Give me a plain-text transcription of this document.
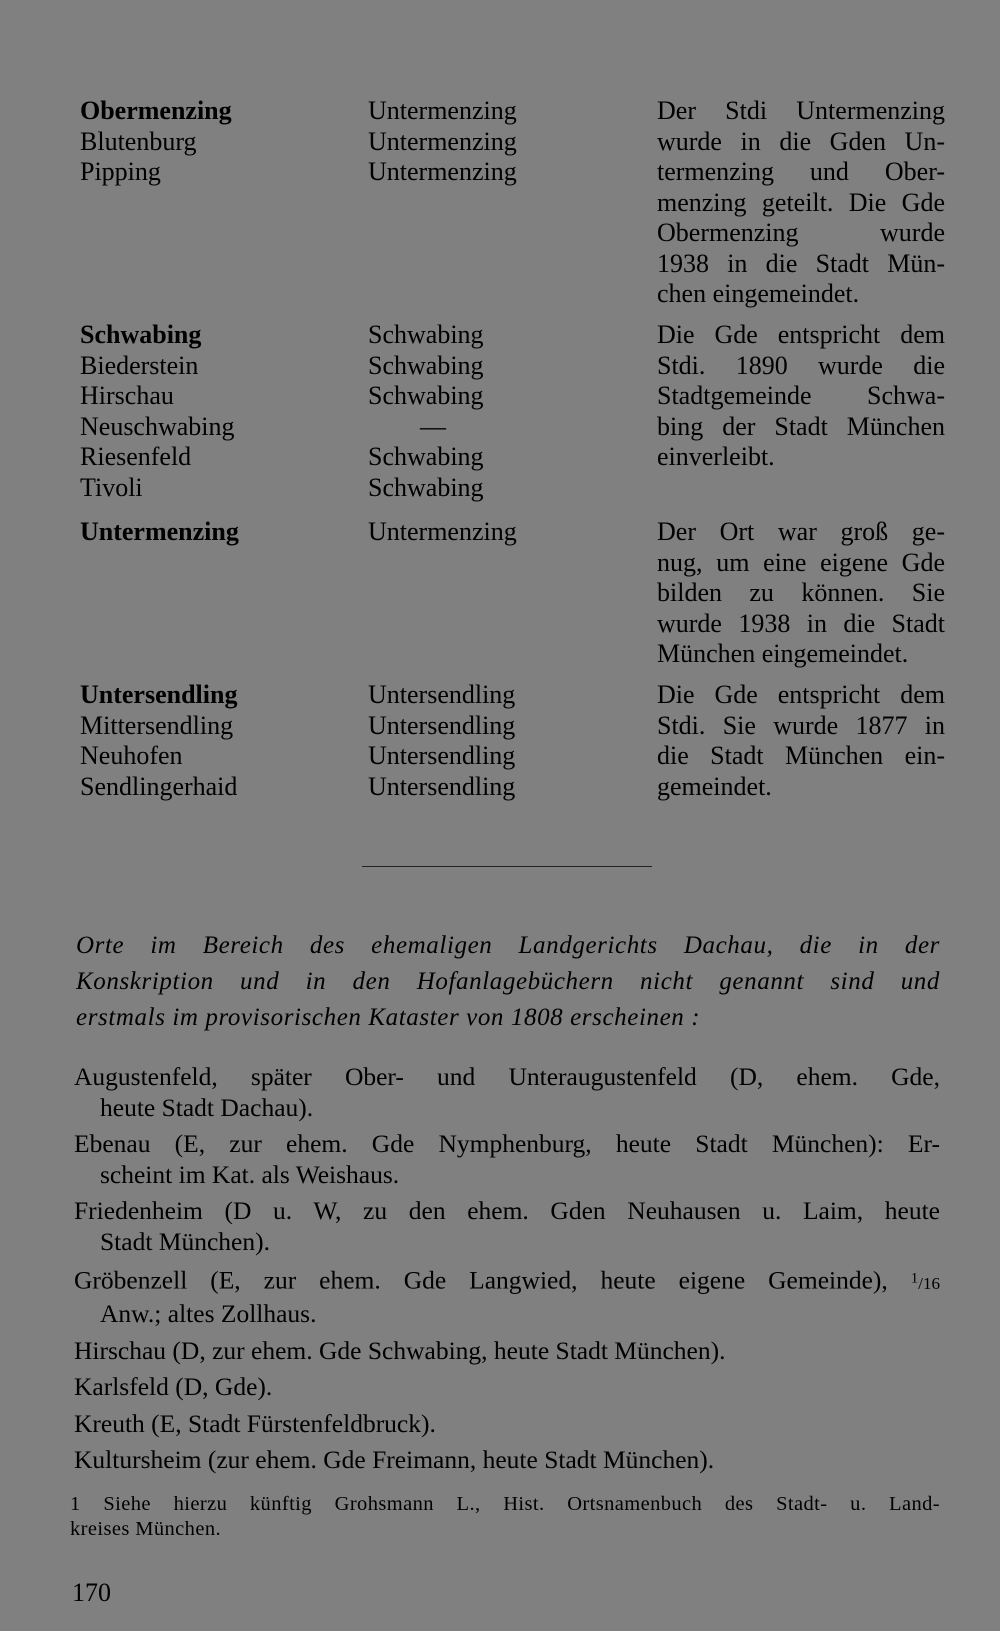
Obermenzing
Blutenburg
Pipping
Untermenzing
Untermenzing
Untermenzing
Der Stdi Untermenzing
wurde in die Gden Un-
termenzing und Ober-
menzing geteilt. Die Gde
Obermenzing wurde
1938 in die Stadt Mün-
chen eingemeindet.
Schwabing
Biederstein
Hirschau
Neuschwabing
Riesenfeld
Tivoli
Schwabing
Schwabing
Schwabing
—
Schwabing
Schwabing
Die Gde entspricht dem
Stdi. 1890 wurde die
Stadtgemeinde Schwa-
bing der Stadt München
einverleibt.
Untermenzing	Untermenzing	Der Ort war groß ge-
nug, um eine eigene Gde
bilden zu können. Sie
wurde 1938 in die Stadt
München eingemeindet.
Untersendling
Mittersendling
Neuhofen
Sendlingerhaid
Untersendling
Untersendling
Untersendling
Untersendling
Die Gde entspricht dem
Stdi. Sie wurde 1877 in
die Stadt München ein-
gemeindet.
Orte im Bereich des ehemaligen Landgerichts Dachau, die in der
Konskription und in den Hofanlagebüchern nicht genannt sind und
erstmals im provisorischen Kataster von 1808 erscheinen :
Augustenfeld, später Ober- und Unteraugustenfeld (D, ehem. Gde,
heute Stadt Dachau).
Ebenau (E, zur ehem. Gde Nymphenburg, heute Stadt München): Er-
scheint im Kat. als Weishaus.
Friedenheim (D u. W, zu den ehem. Gden Neuhausen u. Laim, heute
Stadt München).
Gröbenzell (E, zur ehem. Gde Langwied, heute eigene Gemeinde), $^1$/16
Anw.; altes Zollhaus.
Hirschau (D, zur ehem. Gde Schwabing, heute Stadt München).
Karlsfeld (D, Gde).
Kreuth (E, Stadt Fürstenfeldbruck).
Kultursheim (zur ehem. Gde Freimann, heute Stadt München).
1 Siehe hierzu künftig Grohsmann L., Hist. Ortsnamenbuch des Stadt- u. Land-
kreises München.
170
